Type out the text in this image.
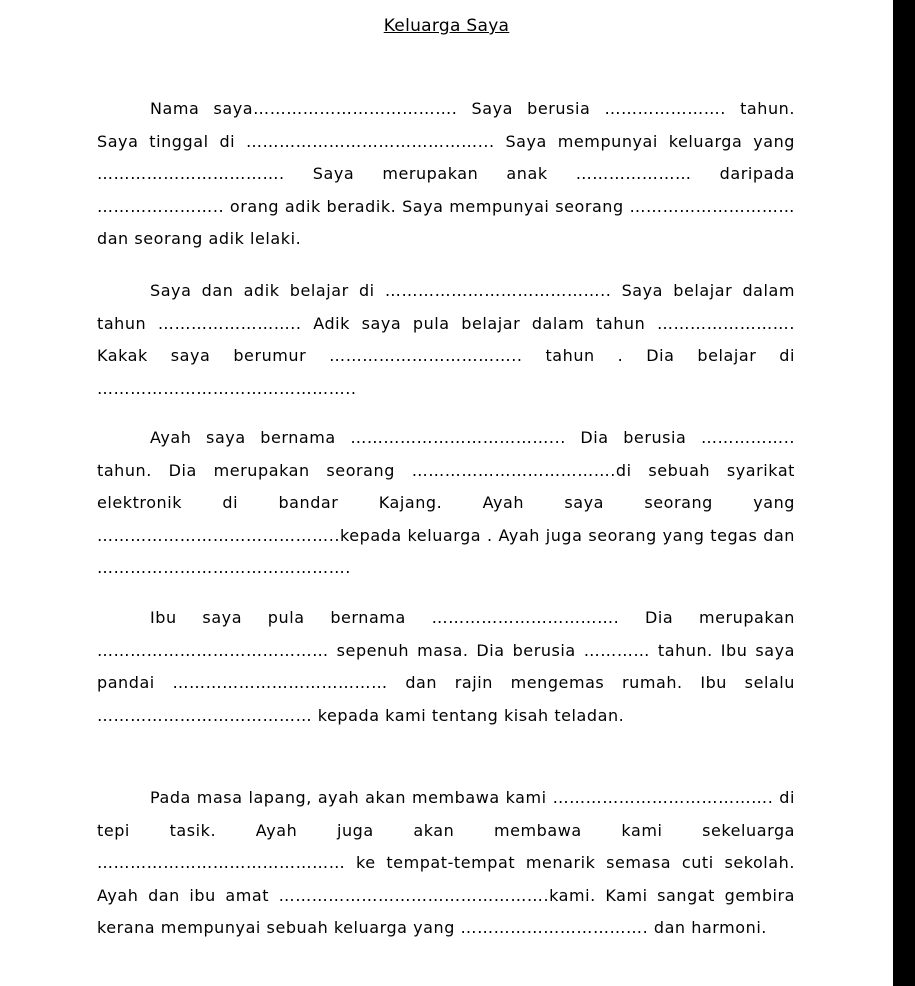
Keluarga Saya

Nama saya………………………………. Saya berusia …………………. tahun. Saya tinggal di ……………………………………... Saya mempunyai keluarga yang ……………………………. Saya merupakan anak ………………… daripada ………………….. orang adik beradik. Saya mempunyai seorang ………………………… dan seorang adik lelaki.

Saya dan adik belajar di ………………………………….. Saya belajar dalam tahun …………………….. Adik saya pula belajar dalam tahun ……………………. Kakak saya berumur …………………………….. tahun . Dia belajar di ………………………………………..

Ayah saya bernama ………………………………... Dia berusia …………….. tahun. Dia merupakan seorang ……………………………….di sebuah syarikat elektronik di bandar Kajang. Ayah saya seorang yang ……………………………………..kepada keluarga . Ayah juga seorang yang tegas dan ……………………………………….

Ibu saya pula bernama ……………………………. Dia merupakan …………………………………… sepenuh masa. Dia berusia ………… tahun. Ibu saya pandai ………………………………… dan rajin mengemas rumah. Ibu selalu ………………………………… kepada kami tentang kisah teladan.

Pada masa lapang, ayah akan membawa kami …………………………………. di tepi tasik. Ayah juga akan membawa kami sekeluarga ……………………………………… ke tempat-tempat menarik semasa cuti sekolah. Ayah dan ibu amat ………………………………………….kami. Kami sangat gembira kerana mempunyai sebuah keluarga yang ……………………………. dan harmoni.
